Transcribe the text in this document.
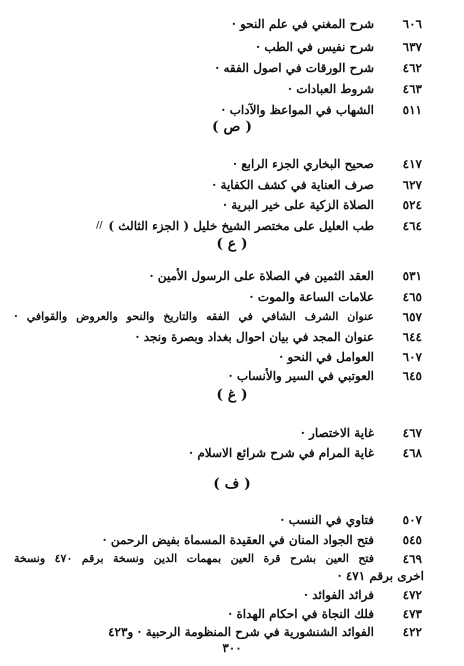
٦٠٦
شرح المغني في علم النحو ·
٦٣٧
شرح نفيس في الطب ·
٤٦٢
شرح الورقات في اصول الفقه ·
٤٦٣
شروط العبادات ·
٥١١
الشهاب في المواعظ والآداب ·
( ص )
٤١٧
صحيح البخاري الجزء الرابع ·
٦٢٧
صرف العناية في كشف الكفاية ·
٥٢٤
الصلاة الزكية على خير البرية ·
٤٦٤
طب العليل على مختصر الشيخ خليل ( الجزء الثالث )
//
( ع )
٥٣١
العقد الثمين في الصلاة على الرسول الأمين ·
٤٦٥
علامات الساعة والموت ·
٦٥٧
عنوان الشرف الشافي في الفقه والتاريخ والنحو والعروض والقوافي ·
٦٤٤
عنوان المجد في بيان احوال بغداد وبصرة ونجد ·
٦٠٧
العوامل في النحو ·
٦٤٥
العوتبي في السير والأنساب ·
( غ )
٤٦٧
غاية الاختصار ·
٤٦٨
غاية المرام في شرح شرائع الاسلام ·
( ف )
٥٠٧
فتاوي في النسب ·
٥٤٥
فتح الجواد المنان في العقيدة المسماة بفيض الرحمن ·
٤٦٩
فتح العين بشرح قرة العين بمهمات الدين ونسخة برقم ٤٧٠ ونسخة
اخرى برقم ٤٧١ ·
٤٧٢
فرائد الفوائد ·
٤٧٣
فلك النجاة في احكام الهداة ·
٤٢٢
الفوائد الشنشورية في شرح المنظومة الرحبية · و٤٢٣
٣٠٠
